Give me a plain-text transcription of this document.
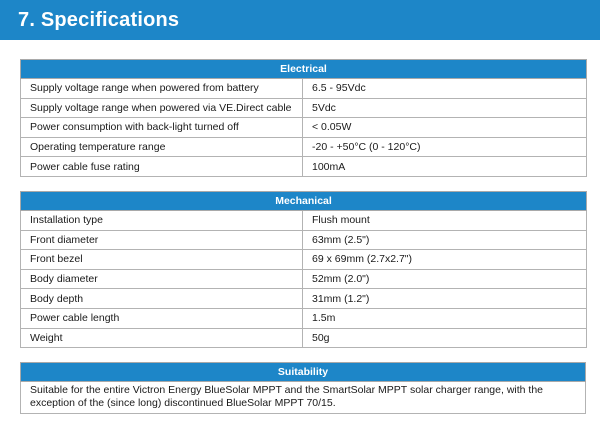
7. Specifications
Electrical	
Supply voltage range when powered from battery	6.5 - 95Vdc
Supply voltage range when powered via VE.Direct cable	5Vdc
Power consumption with back-light turned off	< 0.05W
Operating temperature range	-20 - +50°C (0 - 120°C)
Power cable fuse rating	100mA
Mechanical	
Installation type	Flush mount
Front diameter	63mm (2.5")
Front bezel	69 x 69mm (2.7x2.7")
Body diameter	52mm (2.0")
Body depth	31mm (1.2")
Power cable length	1.5m
Weight	50g
Suitability
Suitable for the entire Victron Energy BlueSolar MPPT and the SmartSolar MPPT solar charger range, with the exception of the (since long) discontinued BlueSolar MPPT 70/15.
